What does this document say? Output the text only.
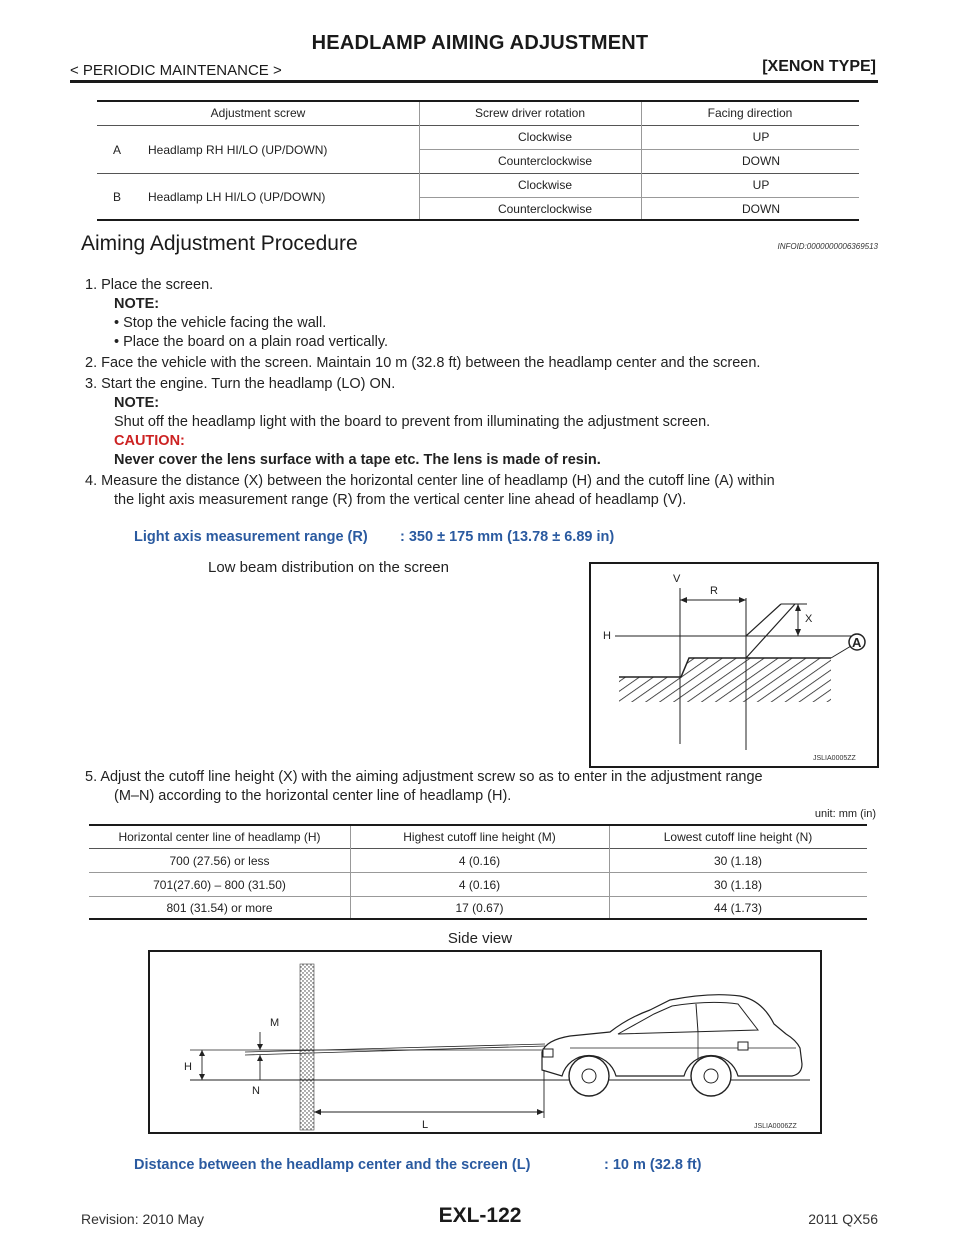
HEADLAMP AIMING ADJUSTMENT
< PERIODIC MAINTENANCE >	[XENON TYPE]
Adjustment screw	Screw driver rotation	Facing direction
A Headlamp RH HI/LO (UP/DOWN)
Clockwise	UP
Counterclockwise	DOWN
B Headlamp LH HI/LO (UP/DOWN)
Clockwise	UP
Counterclockwise	DOWN
Aiming Adjustment Procedure	INFOID:0000000006369513
1. Place the screen.
NOTE:
• Stop the vehicle facing the wall.
• Place the board on a plain road vertically.
2. Face the vehicle with the screen. Maintain 10 m (32.8 ft) between the headlamp center and the screen.
3. Start the engine. Turn the headlamp (LO) ON.
NOTE:
Shut off the headlamp light with the board to prevent from illuminating the adjustment screen.
CAUTION:
Never cover the lens surface with a tape etc. The lens is made of resin.
4. Measure the distance (X) between the horizontal center line of headlamp (H) and the cutoff line (A) within
the light axis measurement range (R) from the vertical center line ahead of headlamp (V).
Light axis measurement range (R) : 350 ± 175 mm (13.78 ± 6.89 in)
Low beam distribution on the screen
V
R
X
H	A
JSLIA0005ZZ
5. Adjust the cutoff line height (X) with the aiming adjustment screw so as to enter in the adjustment range
(M–N) according to the horizontal center line of headlamp (H).
unit: mm (in)
Horizontal center line of headlamp (H)	Highest cutoff line height (M)	Lowest cutoff line height (N)
700 (27.56) or less	4 (0.16)	30 (1.18)
701(27.60) – 800 (31.50)	4 (0.16)	30 (1.18)
801 (31.54) or more	17 (0.67)	44 (1.73)
Side view
M
H
N
L	JSLIA0006ZZ
Distance between the headlamp center and the screen (L)	: 10 m (32.8 ft)
Revision: 2010 May	EXL-122	2011 QX56
